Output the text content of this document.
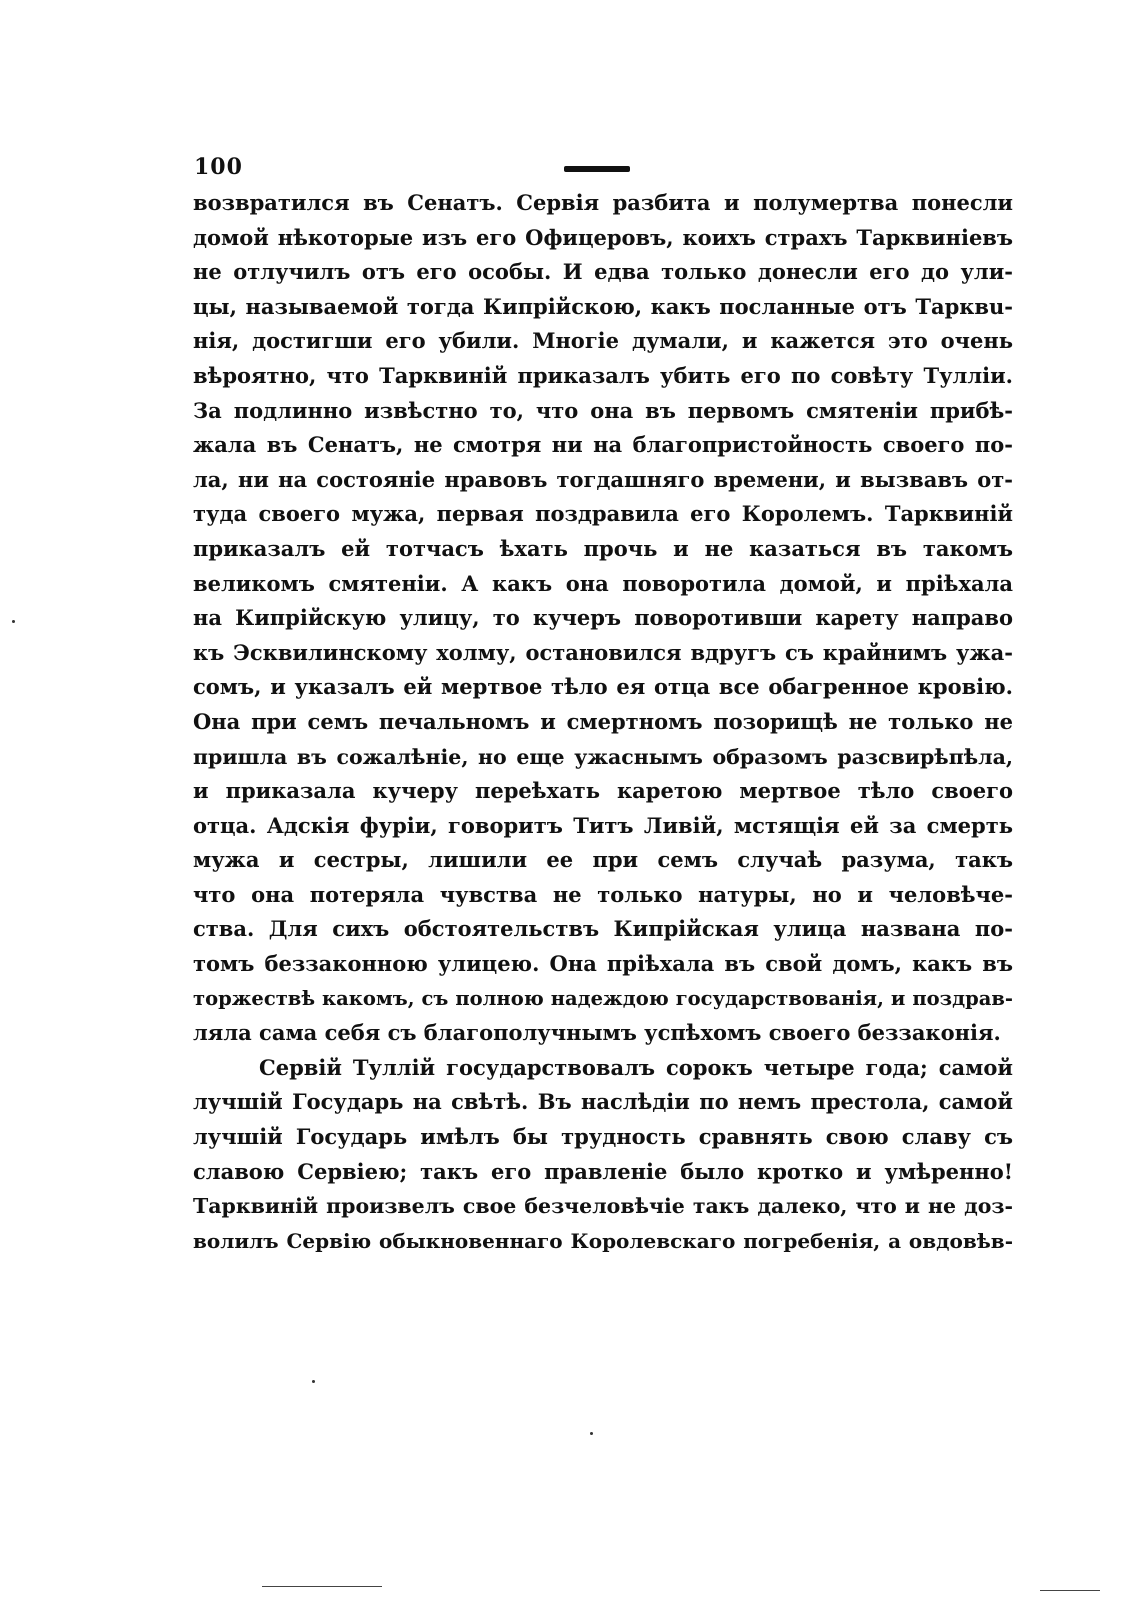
100
возвратился въ Сенатъ. Сервія разбита и полумертва понесли
домой нѣкоторые изъ его Офицеровъ, коихъ страхъ Тарквиніевъ
не отлучилъ отъ его особы. И едва только донесли его до ули-
цы, называемой тогда Кипрійскою, какъ посланные отъ Тарквu-
нія, достигши его убили. Многіе думали, и кажется это очень
вѣроятно, что Тарквиній приказалъ убить его по совѣту Тулліи.
За подлинно извѣстно то, что она въ первомъ смятеніи прибѣ-
жала въ Сенатъ, не смотря ни на благопристойность своего по-
ла, ни на состояніе нравовъ тогдашняго времени, и вызвавъ от-
туда своего мужа, первая поздравила его Королемъ. Тарквиній
приказалъ ей тотчасъ ѣхать прочь и не казаться въ такомъ
великомъ смятеніи. А какъ она поворотила домой, и пріѣхала
на Кипрійскую улицу, то кучеръ поворотивши карету направо
къ Эсквилинскому холму, остановился вдругъ съ крайнимъ ужа-
сомъ, и указалъ ей мертвое тѣло ея отца все обагренное кровію.
Она при семъ печальномъ и смертномъ позорищѣ не только не
пришла въ сожалѣніе, но еще ужаснымъ образомъ разсвирѣпѣла,
и приказала кучеру переѣхать каретою мертвое тѣло своего
отца. Адскія фуріи, говоритъ Титъ Ливій, мстящія ей за смерть
мужа и сестры, лишили ее при семъ случаѣ разума, такъ
что она потеряла чувства не только натуры, но и человѣче-
ства. Для сихъ обстоятельствъ Кипрійская улица названа по-
томъ беззаконною улицею. Она пріѣхала въ свой домъ, какъ въ
торжествѣ какомъ, съ полною надеждою государствованія, и поздрав-
ляла сама себя съ благополучнымъ успѣхомъ своего беззаконія.
Сервій Туллій государствовалъ сорокъ четыре года; самой
лучшій Государь на свѣтѣ. Въ наслѣдіи по немъ престола, самой
лучшій Государь имѣлъ бы трудность сравнять свою славу съ
славою Сервіею; такъ его правленіе было кротко и умѣренно!
Тарквиній произвелъ свое безчеловѣчіе такъ далеко, что и не доз-
волилъ Сервію обыкновеннаго Королевскаго погребенія, а овдовѣв-
